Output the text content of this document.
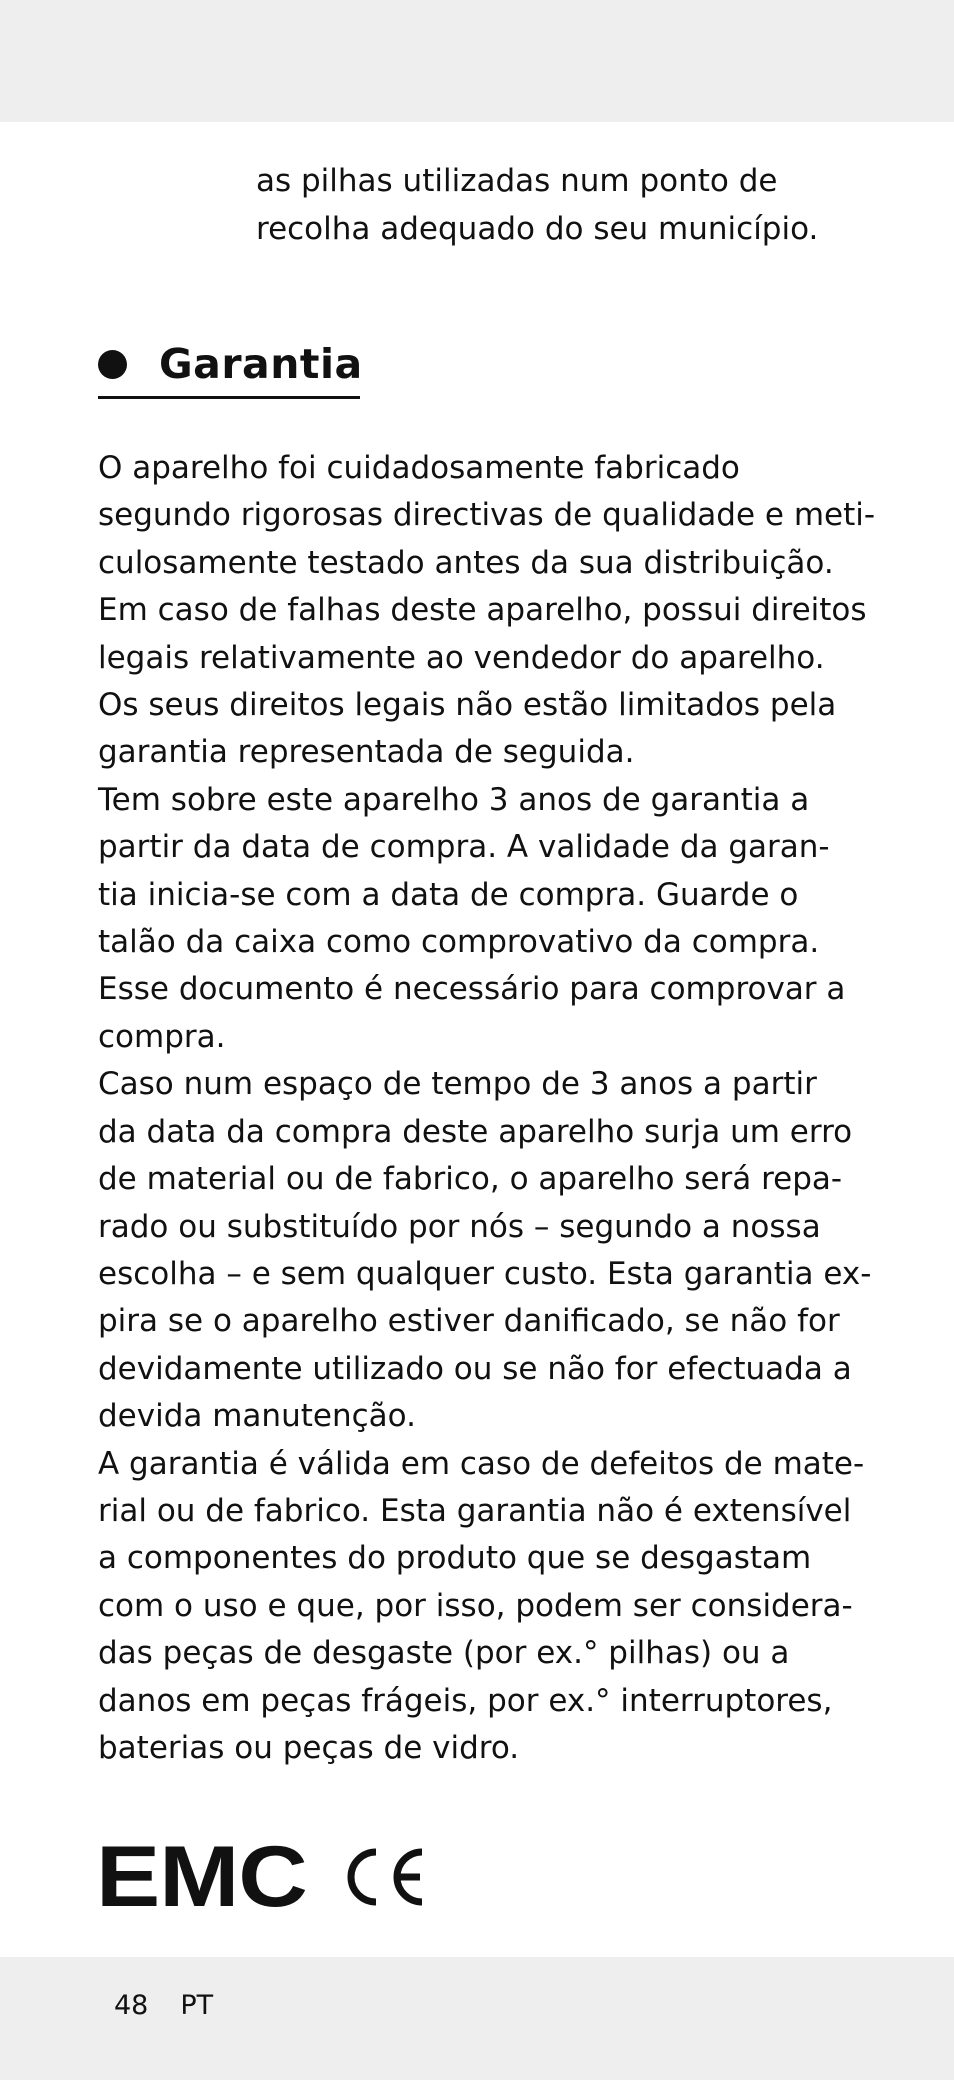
as pilhas utilizadas num ponto de
recolha adequado do seu município.

Garantia

O aparelho foi cuidadosamente fabricado
segundo rigorosas directivas de qualidade e meti-
culosamente testado antes da sua distribuição.
Em caso de falhas deste aparelho, possui direitos
legais relativamente ao vendedor do aparelho.
Os seus direitos legais não estão limitados pela
garantia representada de seguida.
Tem sobre este aparelho 3 anos de garantia a
partir da data de compra. A validade da garan-
tia inicia-se com a data de compra. Guarde o
talão da caixa como comprovativo da compra.
Esse documento é necessário para comprovar a
compra.
Caso num espaço de tempo de 3 anos a partir
da data da compra deste aparelho surja um erro
de material ou de fabrico, o aparelho será repa-
rado ou substituído por nós – segundo a nossa
escolha – e sem qualquer custo. Esta garantia ex-
pira se o aparelho estiver danificado, se não for
devidamente utilizado ou se não for efectuada a
devida manutenção.
A garantia é válida em caso de defeitos de mate-
rial ou de fabrico. Esta garantia não é extensível
a componentes do produto que se desgastam
com o uso e que, por isso, podem ser considera-
das peças de desgaste (por ex.° pilhas) ou a
danos em peças frágeis, por ex.° interruptores,
baterias ou peças de vidro.

EMC
48 PT
